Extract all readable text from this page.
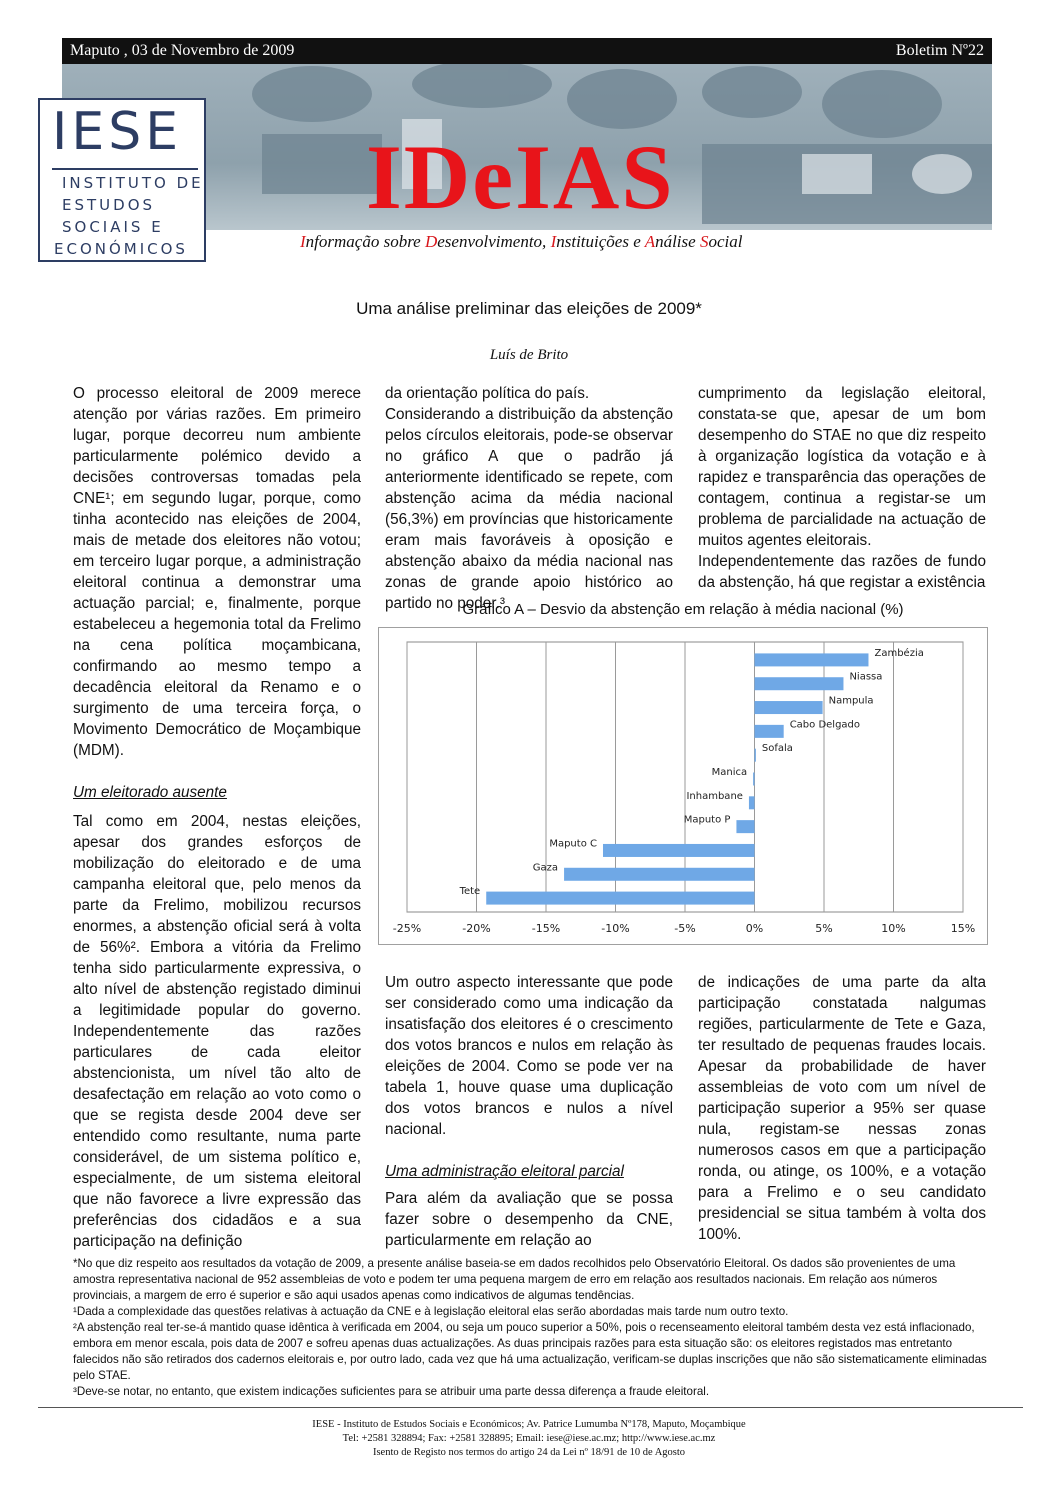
Maputo , 03 de Novembro de 2009	Boletim Nº22
IESE
INSTITUTO DE
ESTUDOS
SOCIAIS E
ECONÓMICOS
IDeIAS
Informação sobre Desenvolvimento, Instituições e Análise Social
Uma análise preliminar das eleições de 2009*
Luís de Brito

O processo eleitoral de 2009 merece atenção por várias razões. Em primeiro lugar, porque decorreu num ambiente particularmente polémico devido a decisões controversas tomadas pela CNE¹; em segundo lugar, porque, como tinha acontecido nas eleições de 2004, mais de metade dos eleitores não votou; em terceiro lugar porque, a administração eleitoral continua a demonstrar uma actuação parcial; e, finalmente, porque estabeleceu a hegemonia total da Frelimo na cena política moçambicana, confirmando ao mesmo tempo a decadência eleitoral da Renamo e o surgimento de uma terceira força, o Movimento Democrático de Moçambique (MDM).

Um eleitorado ausente

Tal como em 2004, nestas eleições, apesar dos grandes esforços de mobilização do eleitorado e de uma campanha eleitoral que, pelo menos da parte da Frelimo, mobilizou recursos enormes, a abstenção oficial será à volta de 56%². Embora a vitória da Frelimo tenha sido particularmente expressiva, o alto nível de abstenção registado diminui a legitimidade popular do governo. Independentemente das razões particulares de cada eleitor abstencionista, um nível tão alto de desafectação em relação ao voto como o que se regista desde 2004 deve ser entendido como resultante, numa parte considerável, de um sistema político e, especialmente, de um sistema eleitoral que não favorece a livre expressão das preferências dos cidadãos e a sua participação na definição

da orientação política do país.

Considerando a distribuição da abstenção pelos círculos eleitorais, pode-se observar no gráfico A que o padrão já anteriormente identificado se repete, com abstenção acima da média nacional (56,3%) em províncias que historicamente eram mais favoráveis à oposição e abstenção abaixo da média nacional nas zonas de grande apoio histórico ao partido no poder.³

cumprimento da legislação eleitoral, constata-se que, apesar de um bom desempenho do STAE no que diz respeito à organização logística da votação e à rapidez e transparência das operações de contagem, continua a registar-se um problema de parcialidade na actuação de muitos agentes eleitorais.

Independentemente das razões de fundo da abstenção, há que registar a existência

Gráfico A – Desvio da abstenção em relação à média nacional (%)
Zambézia
Niassa
Nampula
Cabo Delgado
Sofala
Manica
Inhambane
Maputo P
Maputo C
Gaza
Tete
-25%	-20%	-15%	-10%	-5%	0%	5%	10%	15%

Um outro aspecto interessante que pode ser considerado como uma indicação da insatisfação dos eleitores é o crescimento dos votos brancos e nulos em relação às eleições de 2004. Como se pode ver na tabela 1, houve quase uma duplicação dos votos brancos e nulos a nível nacional.

Uma administração eleitoral parcial

Para além da avaliação que se possa fazer sobre o desempenho da CNE, particularmente em relação ao

de indicações de uma parte da alta participação constatada nalgumas regiões, particularmente de Tete e Gaza, ter resultado de pequenas fraudes locais. Apesar da probabilidade de haver assembleias de voto com um nível de participação superior a 95% ser quase nula, registam-se nessas zonas numerosos casos em que a participação ronda, ou atinge, os 100%, e a votação para a Frelimo e o seu candidato presidencial se situa também à volta dos 100%.

*No que diz respeito aos resultados da votação de 2009, a presente análise baseia-se em dados recolhidos pelo Observatório Eleitoral. Os dados são provenientes de uma amostra representativa nacional de 952 assembleias de voto e podem ter uma pequena margem de erro em relação aos resultados nacionais. Em relação aos números provinciais, a margem de erro é superior e são aqui usados apenas como indicativos de algumas tendências.

¹Dada a complexidade das questões relativas à actuação da CNE e à legislação eleitoral elas serão abordadas mais tarde num outro texto.

²A abstenção real ter-se-á mantido quase idêntica à verificada em 2004, ou seja um pouco superior a 50%, pois o recenseamento eleitoral também desta vez está inflacionado, embora em menor escala, pois data de 2007 e sofreu apenas duas actualizações. As duas principais razões para esta situação são: os eleitores registados mas entretanto falecidos não são retirados dos cadernos eleitorais e, por outro lado, cada vez que há uma actualização, verificam-se duplas inscrições que não são sistematicamente eliminadas pelo STAE.

³Deve-se notar, no entanto, que existem indicações suficientes para se atribuir uma parte dessa diferença a fraude eleitoral.

IESE - Instituto de Estudos Sociais e Económicos; Av. Patrice Lumumba Nº178, Maputo, Moçambique
Tel: +2581 328894; Fax: +2581 328895; Email: iese@iese.ac.mz; http://www.iese.ac.mz
Isento de Registo nos termos do artigo 24 da Lei nº 18/91 de 10 de Agosto
